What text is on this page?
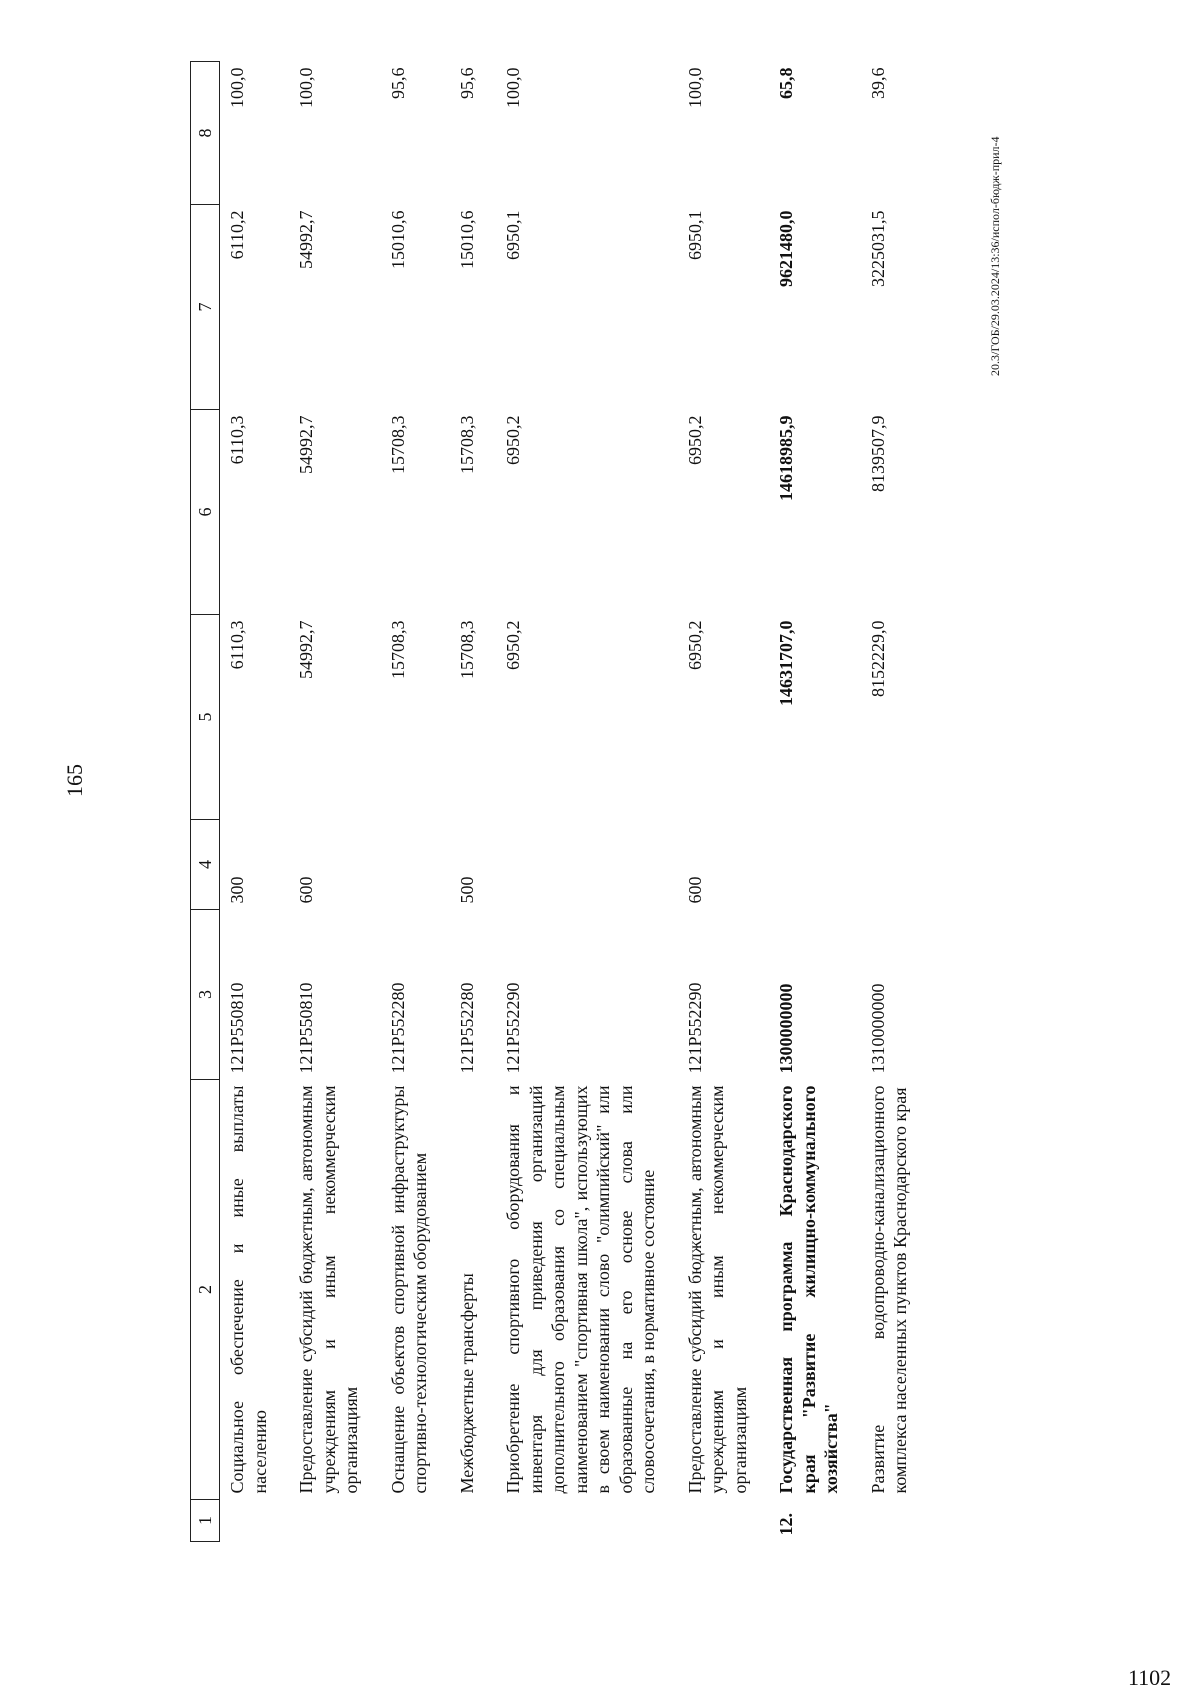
165
20.3/ГОБ/29.03.2024/13:36/испол-бюдж-прил-4
1102
1	2	3	4	5	6	7	8
	Социальное обеспечение и иные выплаты населению	121P550810	300	6110,3	6110,3	6110,2	100,0
	Предоставление субсидий бюджетным, автономным учреждениям и иным некоммерческим организациям	121P550810	600	54992,7	54992,7	54992,7	100,0
	Оснащение объектов спортивной инфраструктуры спортивно-технологическим оборудованием	121P552280		15708,3	15708,3	15010,6	95,6
	Межбюджетные трансферты	121P552280	500	15708,3	15708,3	15010,6	95,6
	Приобретение спортивного оборудования и инвентаря для приведения организаций дополнительного образования со специальным наименованием "спортивная школа", использующих в своем наименовании слово "олимпийский" или образованные на его основе слова или словосочетания, в нормативное состояние	121P552290		6950,2	6950,2	6950,1	100,0
	Предоставление субсидий бюджетным, автономным учреждениям и иным некоммерческим организациям	121P552290	600	6950,2	6950,2	6950,1	100,0
12.	Государственная программа Краснодарского края "Развитие жилищно-коммунального хозяйства"	1300000000		14631707,0	14618985,9	9621480,0	65,8
	Развитие водопроводно-канализационного комплекса населенных пунктов Краснодарского края	1310000000		8152229,0	8139507,9	3225031,5	39,6
